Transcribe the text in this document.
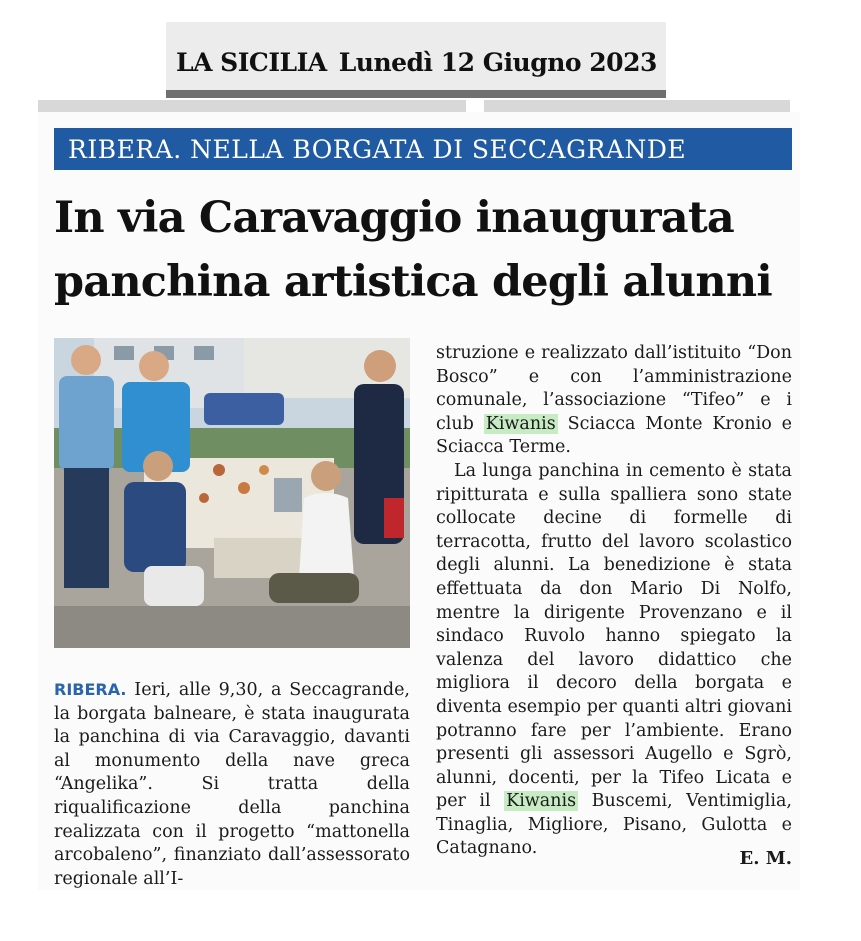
LA SICILIA Lunedì 12 Giugno 2023
RIBERA. NELLA BORGATA DI SECCAGRANDE
In via Caravaggio inaugurata
panchina artistica degli alunni

RIBERA. Ieri, alle 9,30, a Seccagrande, la borgata balneare, è stata inaugurata la panchina di via Caravaggio, davanti al monumento della nave greca “Angelika”. Si tratta della riqualificazione della panchina realizzata con il progetto “mattonella arcobaleno”, finanziato dall’assessorato regionale all’I-

struzione e realizzato dall’istituito “Don Bosco” e con l’amministrazione comunale, l’associazione “Tifeo” e i club Kiwanis Sciacca Monte Kronio e Sciacca Terme.

La lunga panchina in cemento è stata ripitturata e sulla spalliera sono state collocate decine di formelle di terracotta, frutto del lavoro scolastico degli alunni. La benedizione è stata effettuata da don Mario Di Nolfo, mentre la dirigente Provenzano e il sindaco Ruvolo hanno spiegato la valenza del lavoro didattico che migliora il decoro della borgata e diventa esempio per quanti altri giovani potranno fare per l’ambiente. Erano presenti gli assessori Augello e Sgrò, alunni, docenti, per la Tifeo Licata e per il Kiwanis Buscemi, Ventimiglia, Tinaglia, Migliore, Pisano, Gulotta e Catagnano.	E. M.
